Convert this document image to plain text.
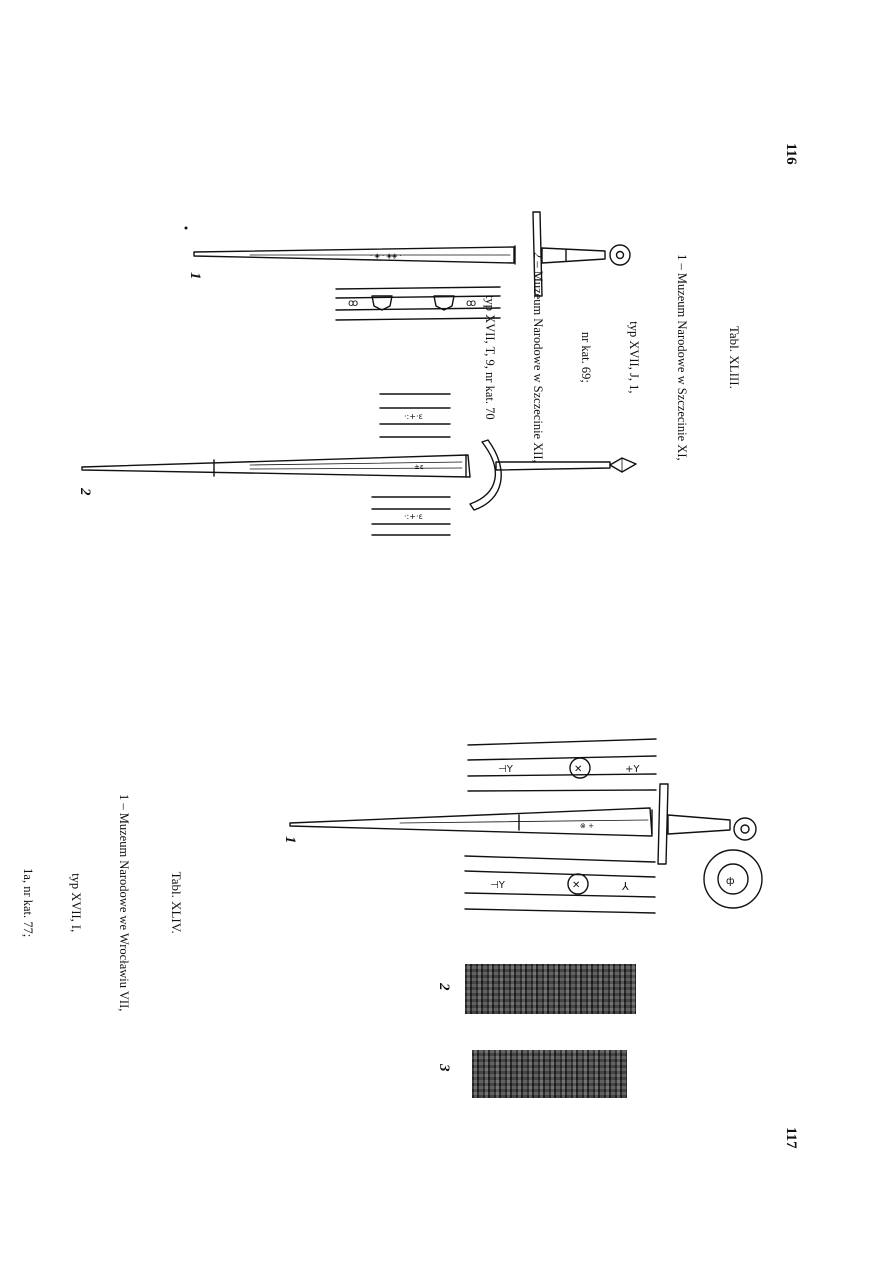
· ◈ · ◈◈ ·
ꝏ	ꝏ
±ε
·:+·ε
·:+·ε
⊗ +
ф
⊣Y	✕	+Y
⊣Y	✕	⅄
116
117
1
2
1
2
3

Tabl. XLIII.

1 – Muzeum Narodowe w Szczecinie XI,

typ XVII, J, 1,

nr kat. 69;

2 – Muzeum Narodowe w Szczecinie XII,

typ XVII, T, 9, nr kat. 70

Tabl. XLIV.

1 – Muzeum Narodowe we Wrocławiu VII,

typ XVII, I,

1a, nr kat. 77;
